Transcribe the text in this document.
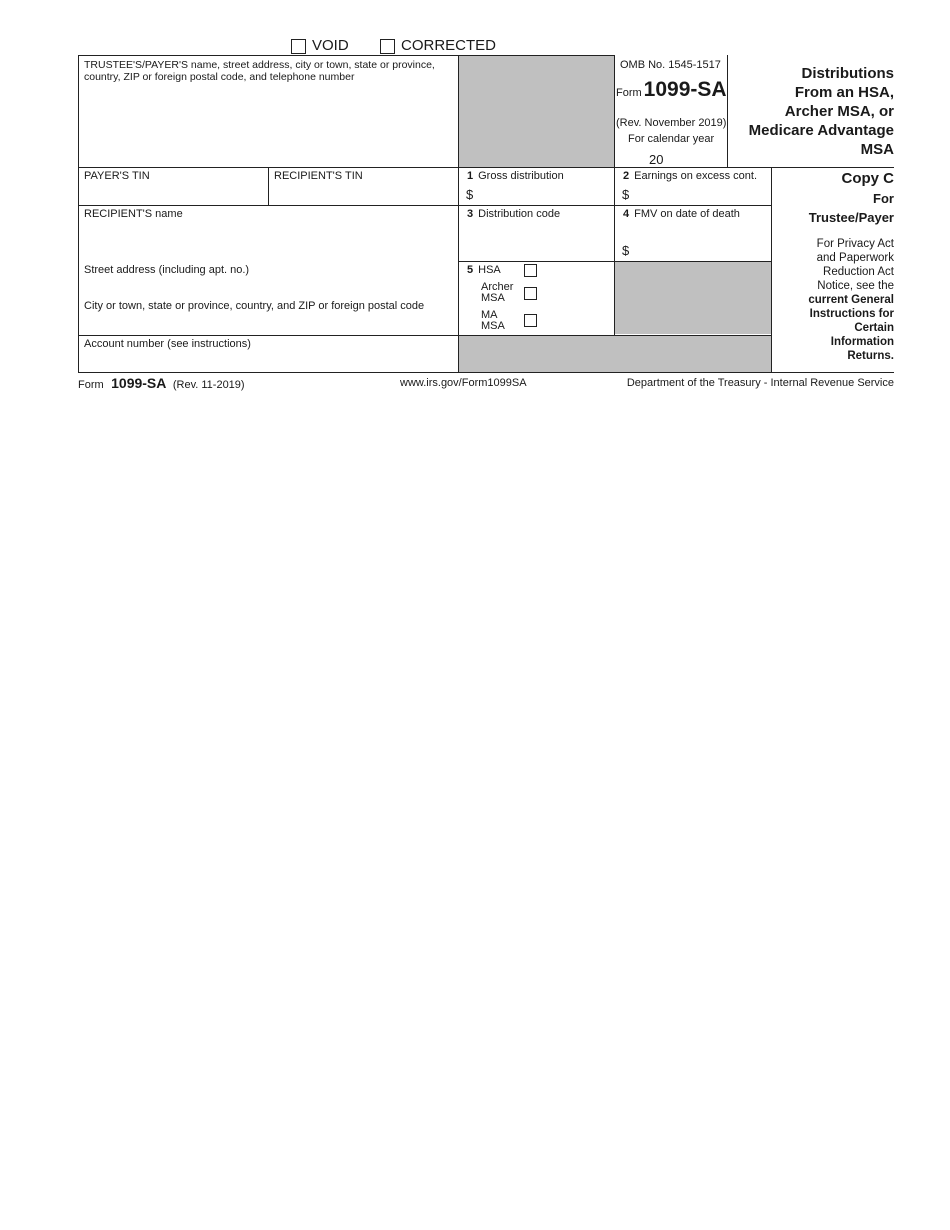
VOID	CORRECTED
TRUSTEE'S/PAYER'S name, street address, city or town, state or province, country, ZIP or foreign postal code, and telephone number
OMB No. 1545-1517
Form1099-SA
(Rev. November 2019)
For calendar year
20
Distributions
From an HSA,
Archer MSA, or
Medicare Advantage
MSA
PAYER'S TIN	RECIPIENT'S TIN	1 Gross distribution
$
2 Earnings on excess cont.
$
RECIPIENT'S name	3 Distribution code	4 FMV on date of death
$
Street address (including apt. no.)
City or town, state or province, country, and ZIP or foreign postal code
5 HSA
Archer
MSA
MA
MSA
Account number (see instructions)
Copy C
For
Trustee/Payer
For Privacy Act
and Paperwork
Reduction Act
Notice, see the
current General
Instructions for
Certain
Information
Returns.
Form 1099-SA (Rev. 11-2019)	www.irs.gov/Form1099SA	Department of the Treasury - Internal Revenue Service
